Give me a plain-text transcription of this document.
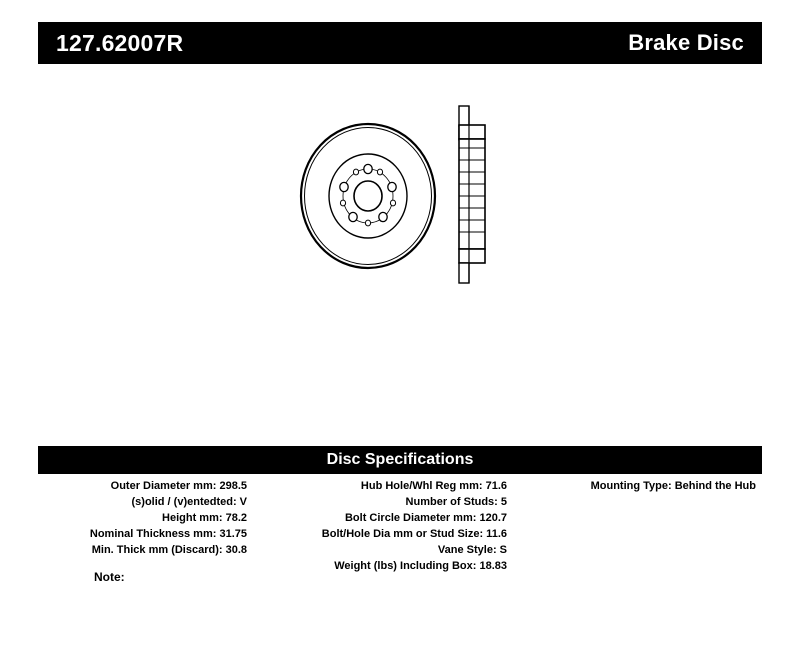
127.62007R	Brake Disc
Disc Specifications
Outer Diameter mm: 298.5
(s)olid / (v)entedted: V
Height mm: 78.2
Nominal Thickness mm: 31.75
Min. Thick mm (Discard): 30.8
Hub Hole/Whl Reg mm: 71.6
Number of Studs: 5
Bolt Circle Diameter mm: 120.7
Bolt/Hole Dia mm or Stud Size: 11.6
Vane Style: S
Weight (lbs) Including Box: 18.83
Mounting Type: Behind the Hub
Note:
